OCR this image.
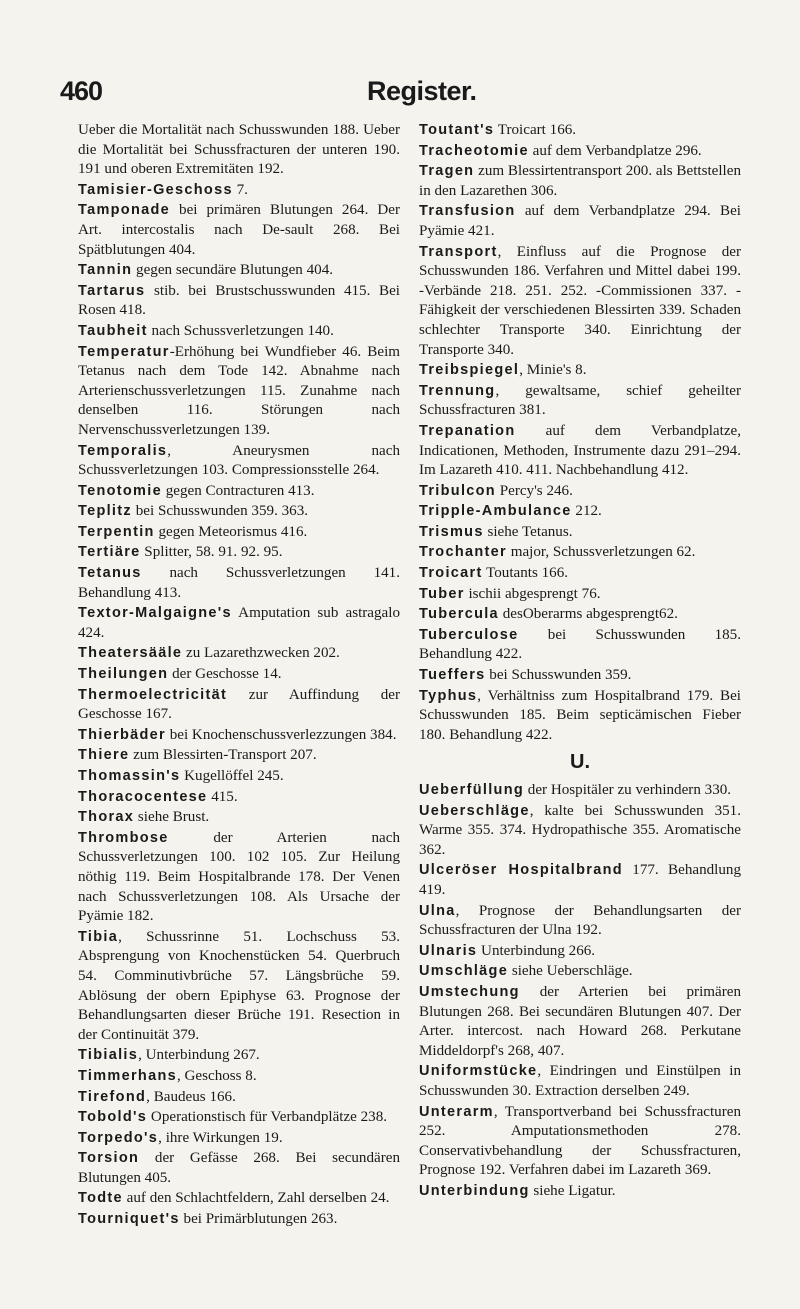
460	Register.
Ueber die Mortalität nach Schusswunden 188. Ueber die Mortalität bei Schussfracturen der unteren 190. 191 und oberen Extremitäten 192.
Tamisier-Geschoss 7.
Tamponade bei primären Blutungen 264. Der Art. intercostalis nach De-sault 268. Bei Spätblutungen 404.
Tannin gegen secundäre Blutungen 404.
Tartarus stib. bei Brustschusswunden 415. Bei Rosen 418.
Taubheit nach Schussverletzungen 140.
Temperatur-Erhöhung bei Wundfieber 46. Beim Tetanus nach dem Tode 142. Abnahme nach Arterienschussverletzungen 115. Zunahme nach denselben 116. Störungen nach Nervenschussverletzungen 139.
Temporalis, Aneurysmen nach Schussverletzungen 103. Compressionsstelle 264.
Tenotomie gegen Contracturen 413.
Teplitz bei Schusswunden 359. 363.
Terpentin gegen Meteorismus 416.
Tertiäre Splitter, 58. 91. 92. 95.
Tetanus nach Schussverletzungen 141. Behandlung 413.
Textor-Malgaigne's Amputation sub astragalo 424.
Theatersääle zu Lazarethzwecken 202.
Theilungen der Geschosse 14.
Thermoelectricität zur Auffindung der Geschosse 167.
Thierbäder bei Knochenschussverlezzungen 384.
Thiere zum Blessirten-Transport 207.
Thomassin's Kugellöffel 245.
Thoracocentese 415.
Thorax siehe Brust.
Thrombose der Arterien nach Schussverletzungen 100. 102 105. Zur Heilung nöthig 119. Beim Hospitalbrande 178. Der Venen nach Schussverletzungen 108. Als Ursache der Pyämie 182.
Tibia, Schussrinne 51. Lochschuss 53. Absprengung von Knochenstücken 54. Querbruch 54. Comminutivbrüche 57. Längsbrüche 59. Ablösung der obern Epiphyse 63. Prognose der Behandlungsarten dieser Brüche 191. Resection in der Continuität 379.
Tibialis, Unterbindung 267.
Timmerhans, Geschoss 8.
Tirefond, Baudeus 166.
Tobold's Operationstisch für Verbandplätze 238.
Torpedo's, ihre Wirkungen 19.
Torsion der Gefässe 268. Bei secundären Blutungen 405.
Todte auf den Schlachtfeldern, Zahl derselben 24.
Tourniquet's bei Primärblutungen 263.
Toutant's Troicart 166.
Tracheotomie auf dem Verbandplatze 296.
Tragen zum Blessirtentransport 200. als Bettstellen in den Lazarethen 306.
Transfusion auf dem Verbandplatze 294. Bei Pyämie 421.
Transport, Einfluss auf die Prognose der Schusswunden 186. Verfahren und Mittel dabei 199. -Verbände 218. 251. 252. -Commissionen 337. -Fähigkeit der verschiedenen Blessirten 339. Schaden schlechter Transporte 340. Einrichtung der Transporte 340.
Treibspiegel, Minie's 8.
Trennung, gewaltsame, schief geheilter Schussfracturen 381.
Trepanation auf dem Verbandplatze, Indicationen, Methoden, Instrumente dazu 291–294. Im Lazareth 410. 411. Nachbehandlung 412.
Tribulcon Percy's 246.
Tripple-Ambulance 212.
Trismus siehe Tetanus.
Trochanter major, Schussverletzungen 62.
Troicart Toutants 166.
Tuber ischii abgesprengt 76.
Tubercula desOberarms abgesprengt62.
Tuberculose bei Schusswunden 185. Behandlung 422.
Tueffers bei Schusswunden 359.
Typhus, Verhältniss zum Hospitalbrand 179. Bei Schusswunden 185. Beim septicämischen Fieber 180. Behandlung 422.
U.
Ueberfüllung der Hospitäler zu verhindern 330.
Ueberschläge, kalte bei Schusswunden 351. Warme 355. 374. Hydropathische 355. Aromatische 362.
Ulceröser Hospitalbrand 177. Behandlung 419.
Ulna, Prognose der Behandlungsarten der Schussfracturen der Ulna 192.
Ulnaris Unterbindung 266.
Umschläge siehe Ueberschläge.
Umstechung der Arterien bei primären Blutungen 268. Bei secundären Blutungen 407. Der Arter. intercost. nach Howard 268. Perkutane Middeldorpf's 268, 407.
Uniformstücke, Eindringen und Einstülpen in Schusswunden 30. Extraction derselben 249.
Unterarm, Transportverband bei Schussfracturen 252. Amputationsmethoden 278. Conservativbehandlung der Schussfracturen, Prognose 192. Verfahren dabei im Lazareth 369.
Unterbindung siehe Ligatur.
